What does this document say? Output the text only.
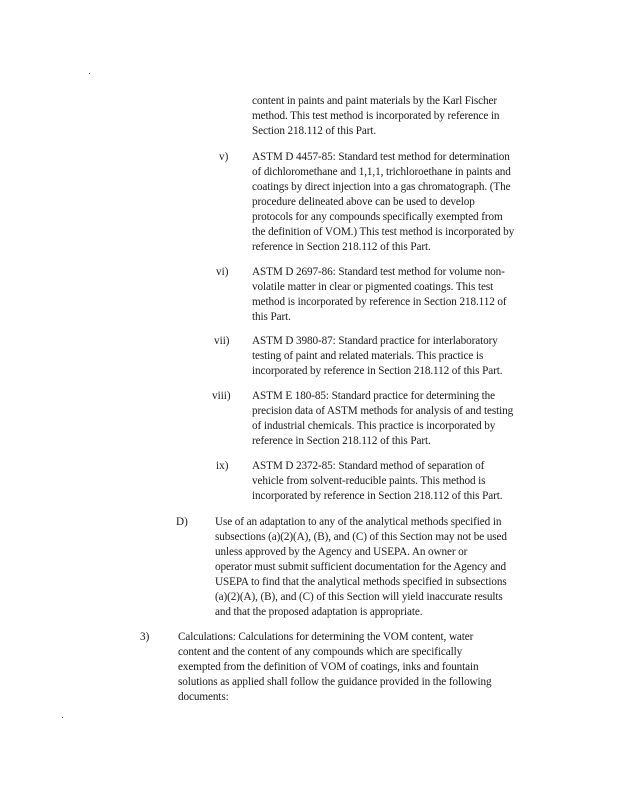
content in paints and paint materials by the Karl Fischer
method. This test method is incorporated by reference in
Section 218.112 of this Part.
v) ASTM D 4457-85: Standard test method for determination
of dichloromethane and 1,1,1, trichloroethane in paints and
coatings by direct injection into a gas chromatograph. (The
procedure delineated above can be used to develop
protocols for any compounds specifically exempted from
the definition of VOM.) This test method is incorporated by
reference in Section 218.112 of this Part.
vi) ASTM D 2697-86: Standard test method for volume non-
volatile matter in clear or pigmented coatings. This test
method is incorporated by reference in Section 218.112 of
this Part.
vii) ASTM D 3980-87: Standard practice for interlaboratory
testing of paint and related materials. This practice is
incorporated by reference in Section 218.112 of this Part.
viii) ASTM E 180-85: Standard practice for determining the
precision data of ASTM methods for analysis of and testing
of industrial chemicals. This practice is incorporated by
reference in Section 218.112 of this Part.
ix) ASTM D 2372-85: Standard method of separation of
vehicle from solvent-reducible paints. This method is
incorporated by reference in Section 218.112 of this Part.
D) Use of an adaptation to any of the analytical methods specified in
subsections (a)(2)(A), (B), and (C) of this Section may not be used
unless approved by the Agency and USEPA. An owner or
operator must submit sufficient documentation for the Agency and
USEPA to find that the analytical methods specified in subsections
(a)(2)(A), (B), and (C) of this Section will yield inaccurate results
and that the proposed adaptation is appropriate.
3)	Calculations: Calculations for determining the VOM content, water
content and the content of any compounds which are specifically
exempted from the definition of VOM of coatings, inks and fountain
solutions as applied shall follow the guidance provided in the following
documents:
